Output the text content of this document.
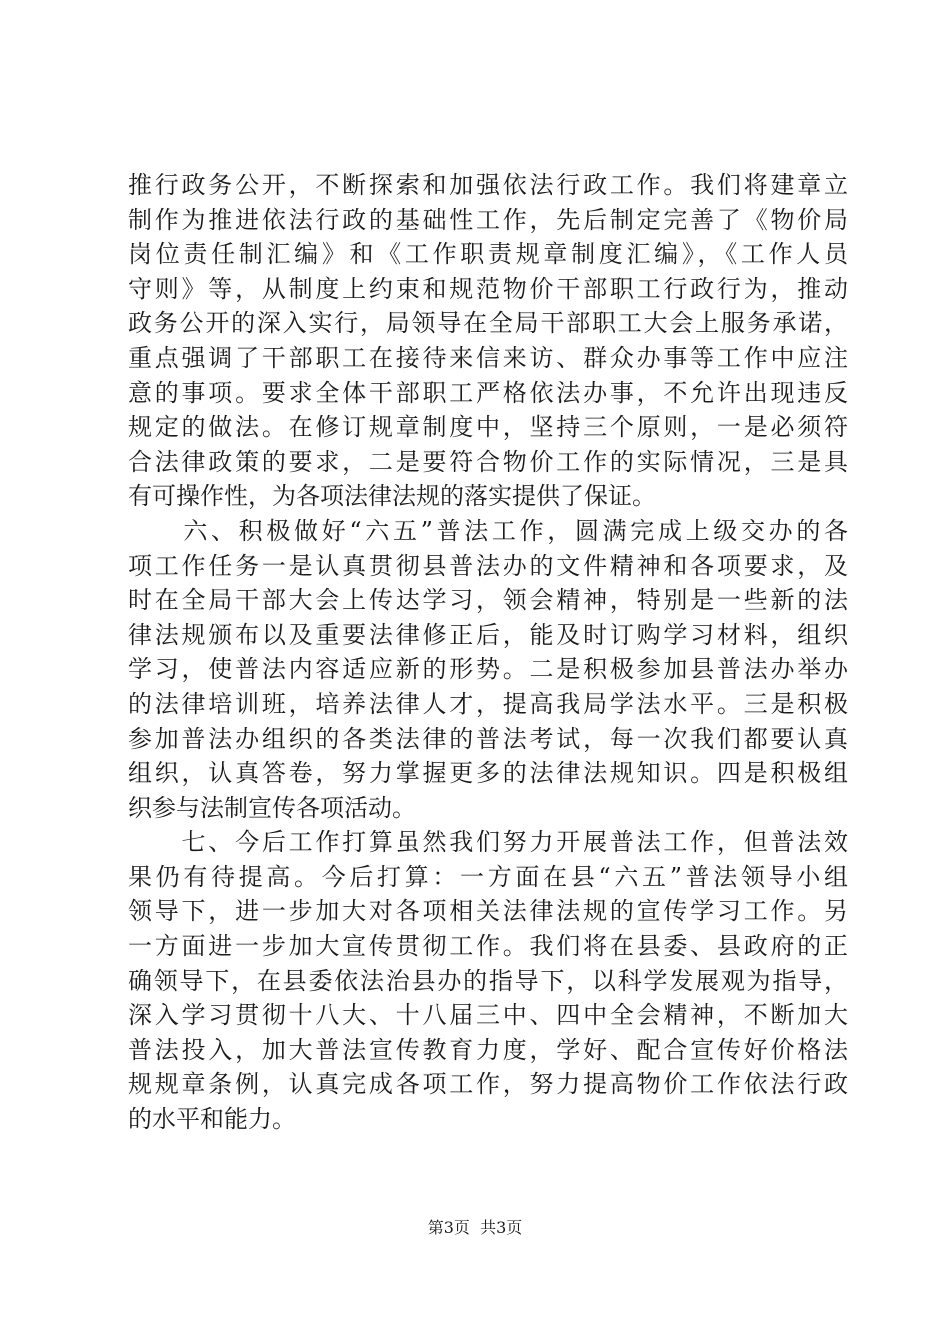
推行政务公开，不断探索和加强依法行政工作。我们将建章立
制作为推进依法行政的基础性工作，先后制定完善了《物价局
岗位责任制汇编》和《工作职责规章制度汇编》，《工作人员
守则》等，从制度上约束和规范物价干部职工行政行为，推动
政务公开的深入实行，局领导在全局干部职工大会上服务承诺，
重点强调了干部职工在接待来信来访、群众办事等工作中应注
意的事项。要求全体干部职工严格依法办事，不允许出现违反
规定的做法。在修订规章制度中，坚持三个原则，一是必须符
合法律政策的要求，二是要符合物价工作的实际情况，三是具
有可操作性，为各项法律法规的落实提供了保证。
　　六、积极做好“六五”普法工作，圆满完成上级交办的各
项工作任务一是认真贯彻县普法办的文件精神和各项要求，及
时在全局干部大会上传达学习，领会精神，特别是一些新的法
律法规颁布以及重要法律修正后，能及时订购学习材料，组织
学习，使普法内容适应新的形势。二是积极参加县普法办举办
的法律培训班，培养法律人才，提高我局学法水平。三是积极
参加普法办组织的各类法律的普法考试，每一次我们都要认真
组织，认真答卷，努力掌握更多的法律法规知识。四是积极组
织参与法制宣传各项活动。
　　七、今后工作打算虽然我们努力开展普法工作，但普法效
果仍有待提高。今后打算：一方面在县“六五”普法领导小组
领导下，进一步加大对各项相关法律法规的宣传学习工作。另
一方面进一步加大宣传贯彻工作。我们将在县委、县政府的正
确领导下，在县委依法治县办的指导下，以科学发展观为指导，
深入学习贯彻十八大、十八届三中、四中全会精神，不断加大
普法投入，加大普法宣传教育力度，学好、配合宣传好价格法
规规章条例，认真完成各项工作，努力提高物价工作依法行政
的水平和能力。
第3页 共3页
